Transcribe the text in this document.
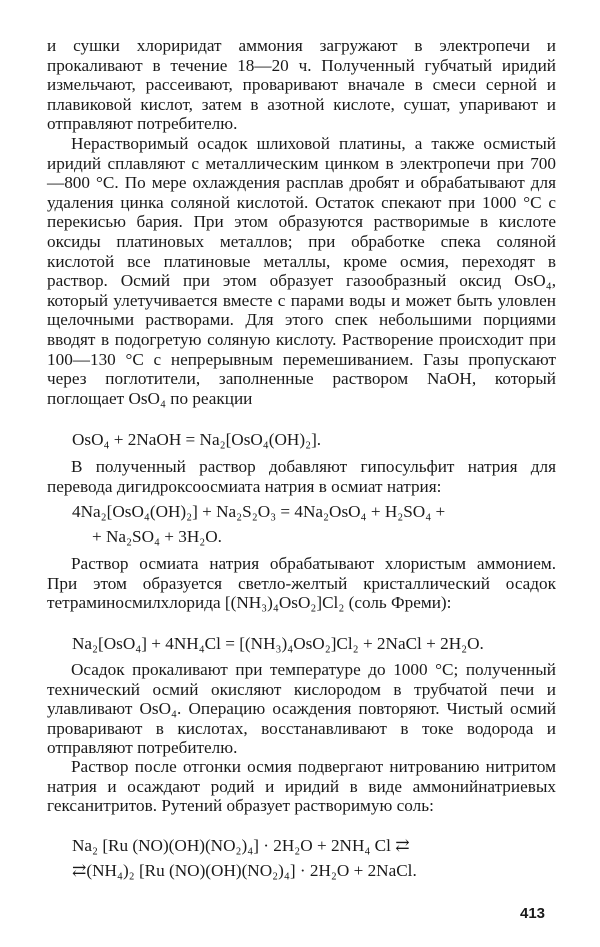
и сушки хлориридат аммония загружают в электропечи и прокаливают в течение 18—20 ч. Полученный губчатый иридий измельчают, рассеивают, проваривают вначале в смеси серной и плавиковой кислот, затем в азотной кислоте, сушат, упаривают и отправляют потребителю.

Нерастворимый осадок шлиховой платины, а также осмистый иридий сплавляют с металлическим цинком в электропечи при 700—800 °C. По мере охлаждения расплав дробят и обрабатывают для удаления цинка соляной кислотой. Остаток спекают при 1000 °C с перекисью бария. При этом образуются растворимые в кислоте оксиды платиновых металлов; при обработке спека соляной кислотой все платиновые металлы, кроме осмия, переходят в раствор. Осмий при этом образует газообразный оксид OsO₄, который улетучивается вместе с парами воды и может быть уловлен щелочными растворами. Для этого спек небольшими порциями вводят в подогретую соляную кислоту. Растворение происходит при 100—130 °C с непрерывным перемешиванием. Газы пропускают через поглотители, заполненные раствором NaOH, который поглощает OsO₄ по реакции

OsO₄ + 2NaOH = Na₂[OsO₄(OH)₂].

В полученный раствор добавляют гипосульфит натрия для перевода дигидроксоосмиата натрия в осмиат натрия:

4Na₂[OsO₄(OH)₂] + Na₂S₂O₃ = 4Na₂OsO₄ + H₂SO₄ +
+ Na₂SO₄ + 3H₂O.

Раствор осмиата натрия обрабатывают хлористым аммонием. При этом образуется светло-желтый кристаллический осадок тетраминосмилхлорида [(NH₃)₄OsO₂]Cl₂ (соль Фреми):

Na₂[OsO₄] + 4NH₄Cl = [(NH₃)₄OsO₂]Cl₂ + 2NaCl + 2H₂O.

Осадок прокаливают при температуре до 1000 °C; полученный технический осмий окисляют кислородом в трубчатой печи и улавливают OsO₄. Операцию осаждения повторяют. Чистый осмий проваривают в кислотах, восстанавливают в токе водорода и отправляют потребителю.

Раствор после отгонки осмия подвергают нитрованию нитритом натрия и осаждают родий и иридий в виде аммонийнатриевых гексанитритов. Рутений образует растворимую соль:

Na₂ [Ru (NO)(OH)(NO₂)₄] · 2H₂O + 2NH₄ Cl ⇄
⇄(NH₄)₂ [Ru (NO)(OH)(NO₂)₄] · 2H₂O + 2NaCl.
413
